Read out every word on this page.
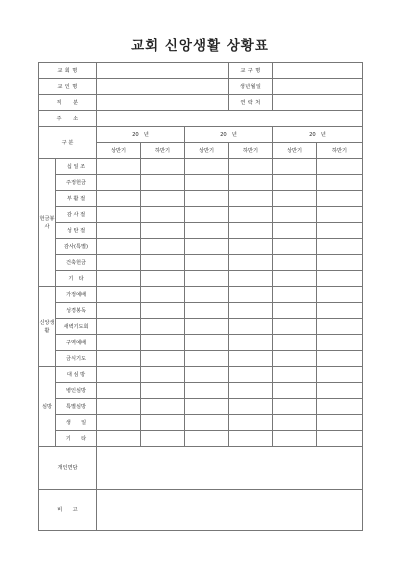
교회 신앙생활 상황표
교 회 명					교 구 명		
교 인 명					생년월일		
직　　분					연 락 처		
주　　소							
구 분		20　년		20　년		20　년	
		상반기	하반기	상반기	하반기	상반기	하반기
헌금봉사	십 일 조						
	주정헌금						
	부 활 절						
	감 사 절						
	성 탄 절						
	감사(특별)						
	건축헌금						
	기　타						
신앙생활	가정예배						
	성경봉독						
	새벽기도회						
	구역예배						
	금식기도						
심방	대 심 방						
	병인심방						
	특별심방						
	생　　일						
	기　　타						
개인면담							
비　　고							
